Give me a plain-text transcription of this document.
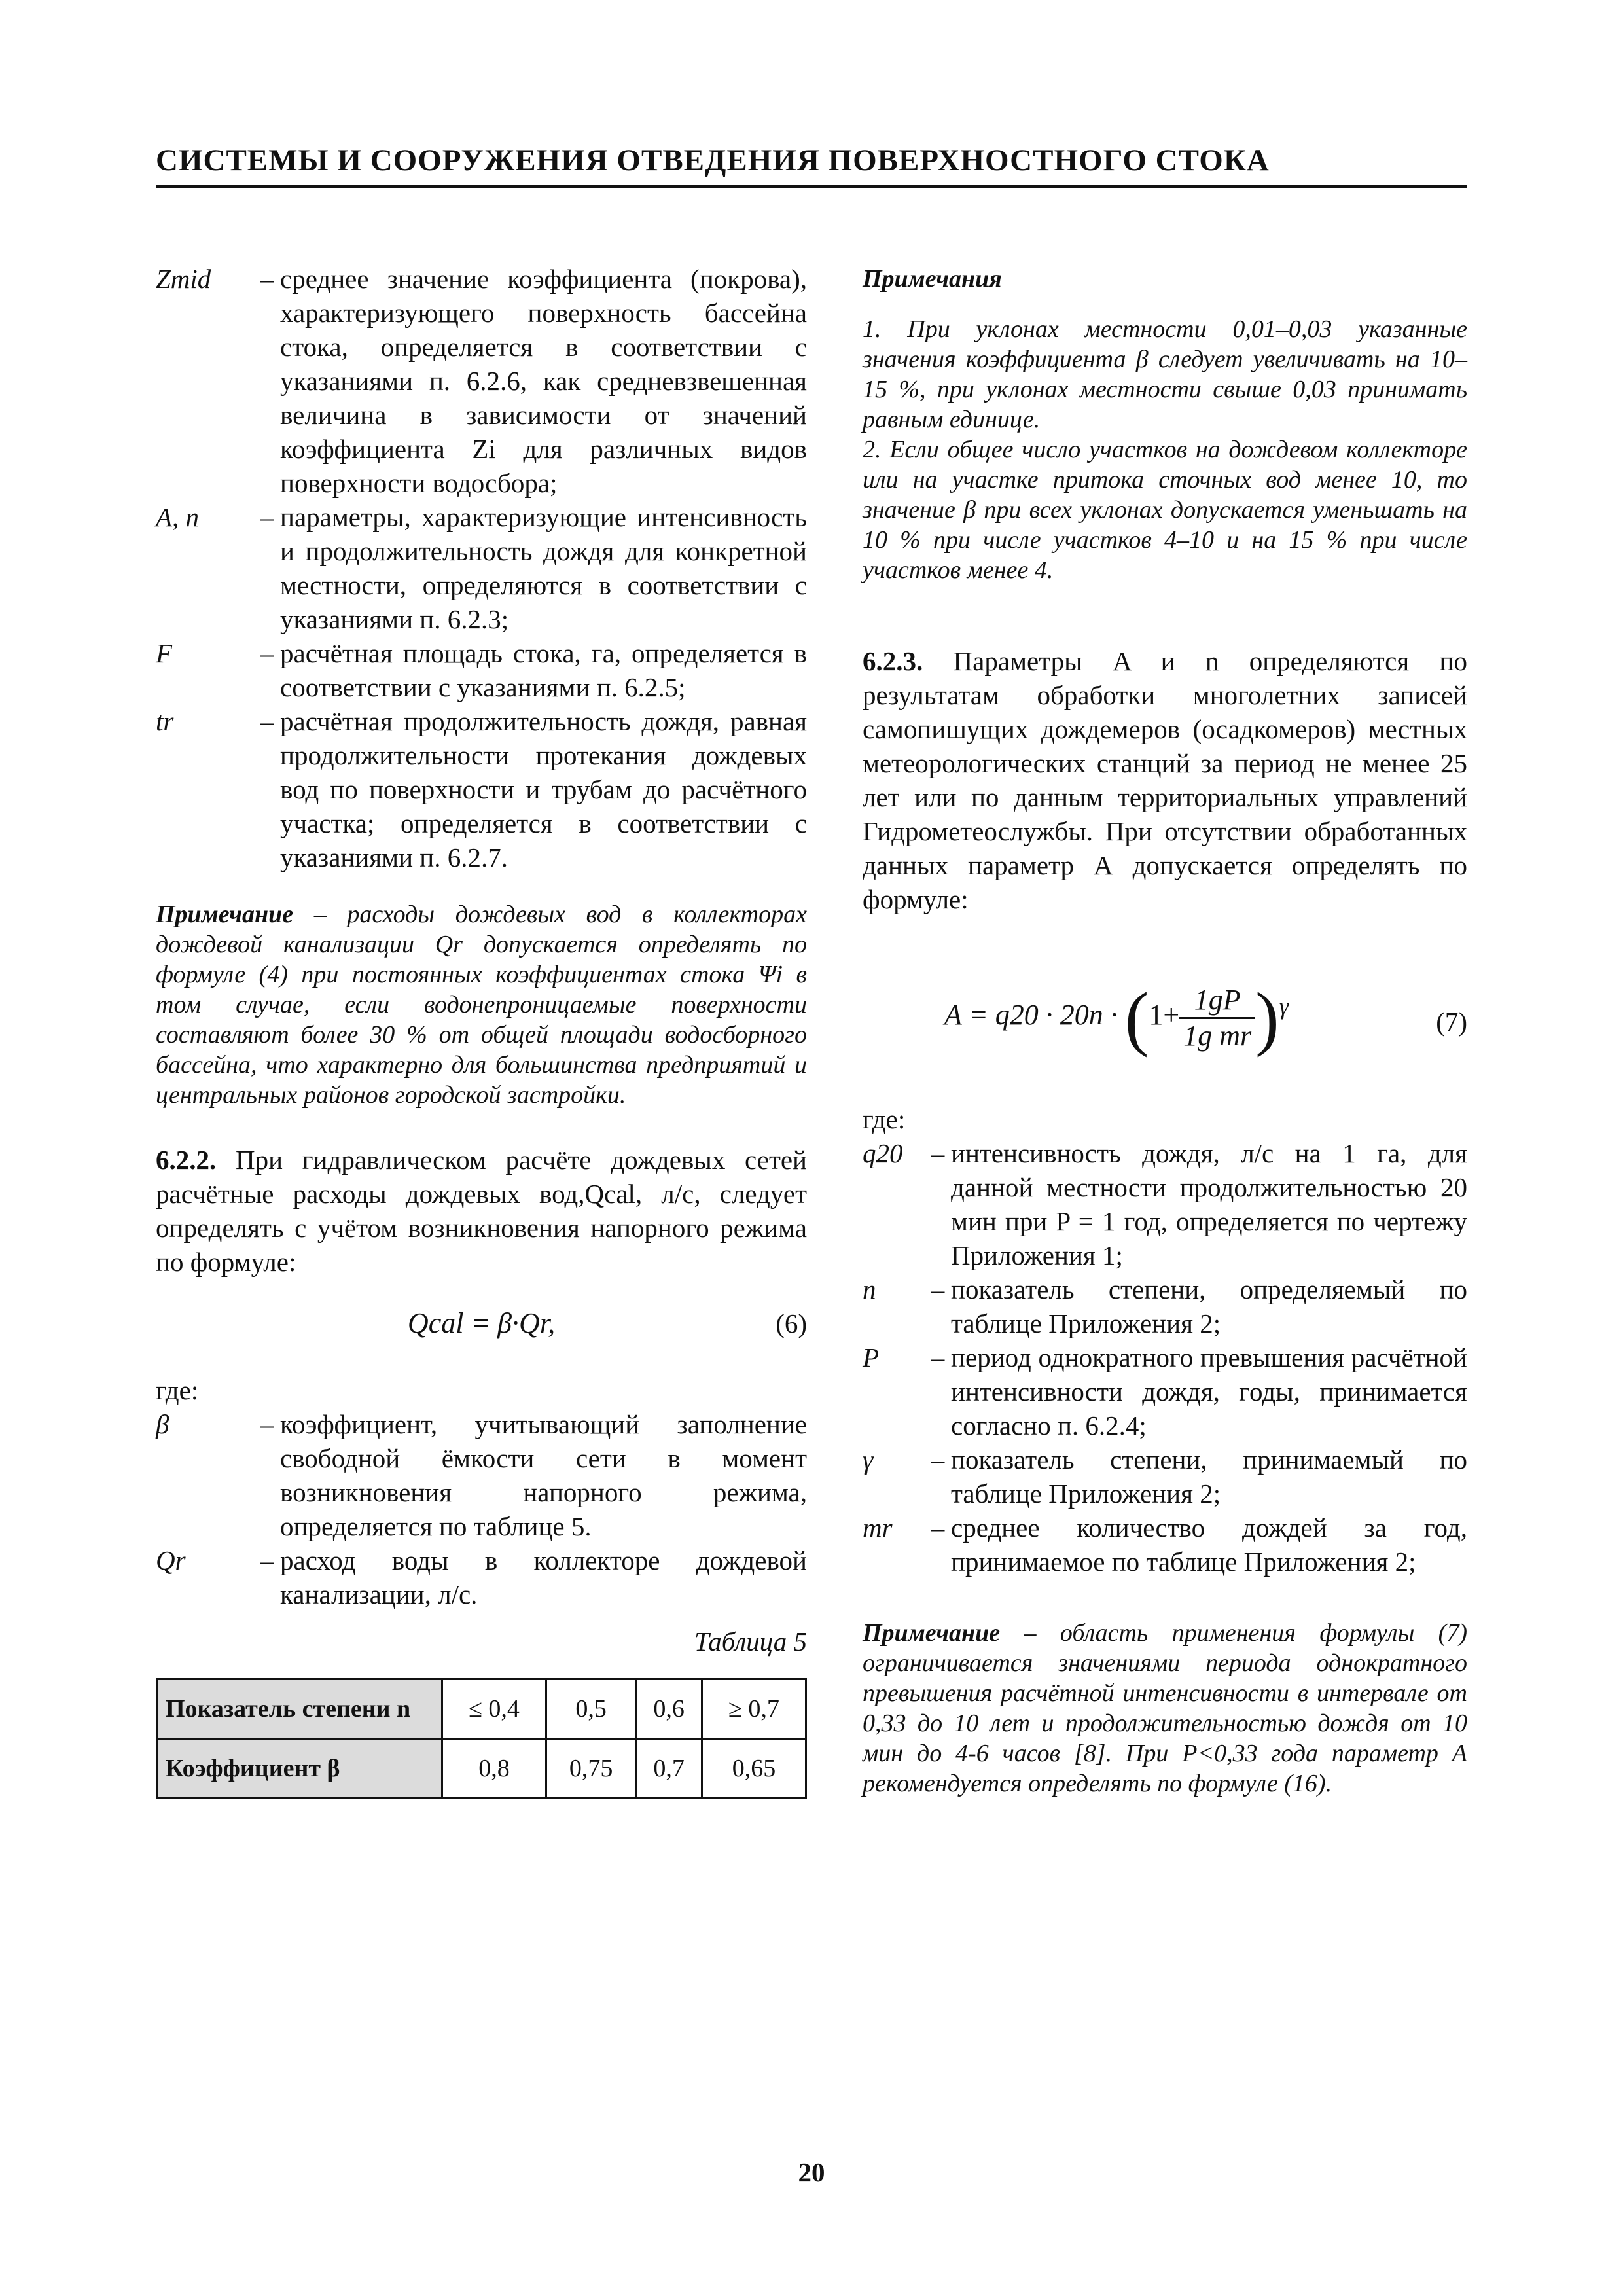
СИСТЕМЫ И СООРУЖЕНИЯ ОТВЕДЕНИЯ ПОВЕРХНОСТНОГО СТОКА
Zmid	–	среднее значение коэффициента (покрова), характеризующего поверхность бассейна стока, определяется в соответствии с указаниями п. 6.2.6, как средневзвешенная величина в зависимости от значений коэффициента Zi для различных видов поверхности водосбора;
A, n	–	параметры, характеризующие интенсивность и продолжительность дождя для конкретной местности, определяются в соответствии с указаниями п. 6.2.3;
F	–	расчётная площадь стока, га, определяется в соответствии с указаниями п. 6.2.5;
tr	–	расчётная продолжительность дождя, равная продолжительности протекания дождевых вод по поверхности и трубам до расчётного участка; определяется в соответствии с указаниями п. 6.2.7.
Примечание – расходы дождевых вод в коллекторах дождевой канализации Qr допускается определять по формуле (4) при постоянных коэффициентах стока Ψi в том случае, если водонепроницаемые поверхности составляют более 30 % от общей площади водосборного бассейна, что характерно для большинства предприятий и центральных районов городской застройки.
6.2.2. При гидравлическом расчёте дождевых сетей расчётные расходы дождевых вод,Qcal, л/с, следует определять с учётом возникновения напорного режима по формуле:
Qcal = β·Qr,	(6)
где:
β	–	коэффициент, учитывающий заполнение свободной ёмкости сети в момент возникновения напорного режима, определяется по таблице 5.
Qr	–	расход воды в коллекторе дождевой канализации, л/с.
Таблица 5
Показатель степени n	≤ 0,4	0,5	0,6	≥ 0,7
Коэффициент β	0,8	0,75	0,7	0,65
Примечания
1. При уклонах местности 0,01–0,03 указанные значения коэффициента β следует увеличивать на 10–15 %, при уклонах местности свыше 0,03 принимать равным единице.
2. Если общее число участков на дождевом коллекторе или на участке притока сточных вод менее 10, то значение β при всех уклонах допускается уменьшать на 10 % при числе участков 4–10 и на 15 % при числе участков менее 4.
6.2.3. Параметры A и n определяются по результатам обработки многолетних записей самопишущих дождемеров (осадкомеров) местных метеорологических станций за период не менее 25 лет или по данным территориальных управлений Гидрометеослужбы. При отсутствии обработанных данных параметр А допускается определять по формуле:
$A = q20 \cdot 20n \cdot (1+ \frac{1gP}{\text{1g mr}} )^\gamma$
(7)
где:
q20	–	интенсивность дождя, л/с на 1 га, для данной местности продолжительностью 20 мин при P = 1 год, определяется по чертежу Приложения 1;
n	–	показатель степени, определяемый по таблице Приложения 2;
P	–	период однократного превышения расчётной интенсивности дождя, годы, принимается согласно п. 6.2.4;
γ	–	показатель степени, принимаемый по таблице Приложения 2;
mr	–	среднее количество дождей за год, принимаемое по таблице Приложения 2;
Примечание – область применения формулы (7) ограничивается значениями периода однократного превышения расчётной интенсивности в интервале от 0,33 до 10 лет и продолжительностью дождя от 10 мин до 4-6 часов [8]. При P<0,33 года параметр A рекомендуется определять по формуле (16).
20
